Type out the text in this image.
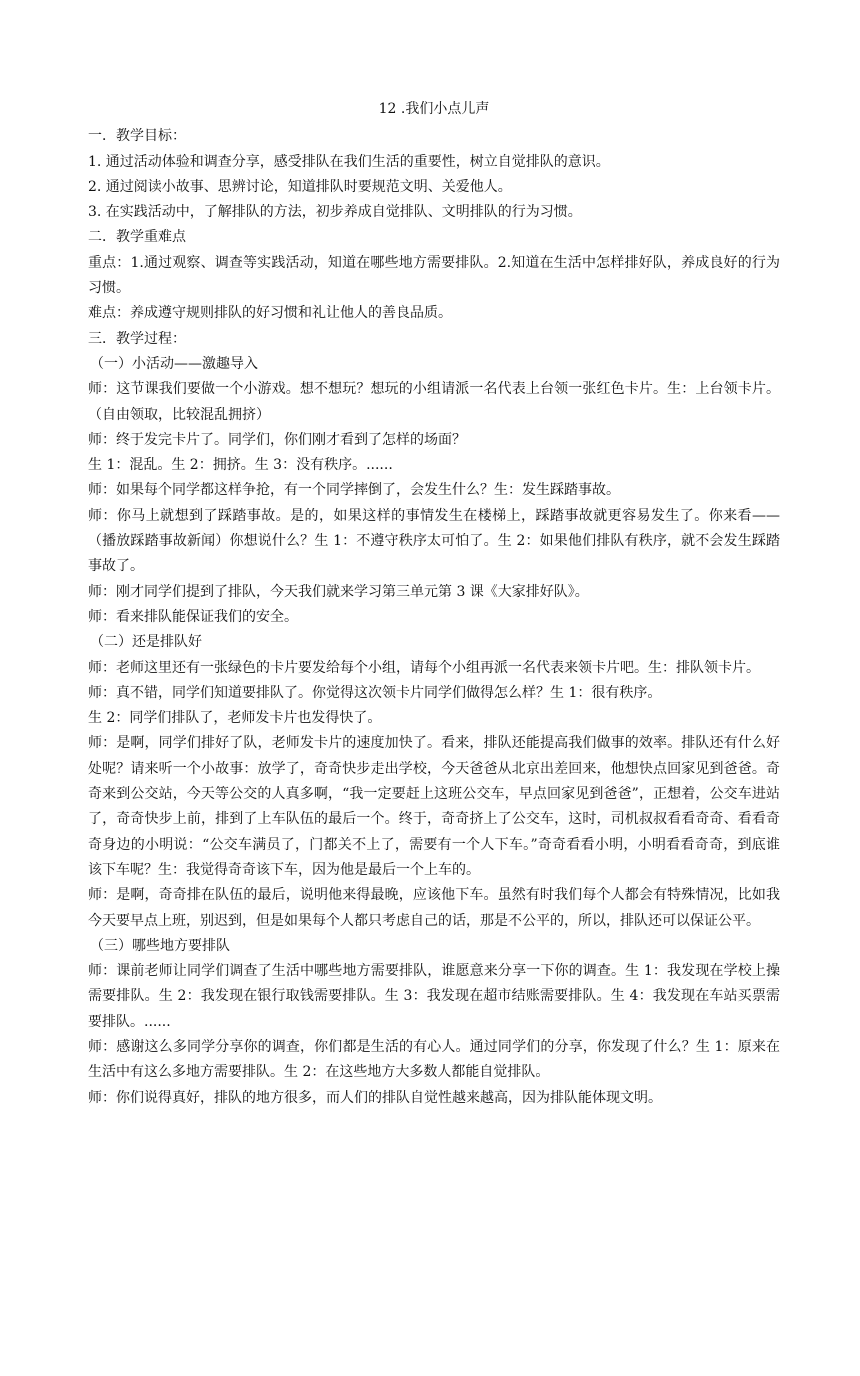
12 .我们小点儿声

一．教学目标：

1. 通过活动体验和调查分享，感受排队在我们生活的重要性，树立自觉排队的意识。

2. 通过阅读小故事、思辨讨论，知道排队时要规范文明、关爱他人。

3. 在实践活动中，了解排队的方法，初步养成自觉排队、文明排队的行为习惯。

二．教学重难点

重点：1.通过观察、调查等实践活动，知道在哪些地方需要排队。2.知道在生活中怎样排好队，养成良好的行为习惯。

难点：养成遵守规则排队的好习惯和礼让他人的善良品质。

三．教学过程：

（一）小活动——激趣导入

师：这节课我们要做一个小游戏。想不想玩？想玩的小组请派一名代表上台领一张红色卡片。生：上台领卡片。（自由领取，比较混乱拥挤）

师：终于发完卡片了。同学们，你们刚才看到了怎样的场面？

生 1：混乱。生 2：拥挤。生 3：没有秩序。......

师：如果每个同学都这样争抢，有一个同学摔倒了，会发生什么？生：发生踩踏事故。

师：你马上就想到了踩踏事故。是的，如果这样的事情发生在楼梯上，踩踏事故就更容易发生了。你来看——（播放踩踏事故新闻）你想说什么？生 1：不遵守秩序太可怕了。生 2：如果他们排队有秩序，就不会发生踩踏事故了。

师：刚才同学们提到了排队，今天我们就来学习第三单元第 3 课《大家排好队》。

师：看来排队能保证我们的安全。

（二）还是排队好

师：老师这里还有一张绿色的卡片要发给每个小组，请每个小组再派一名代表来领卡片吧。生：排队领卡片。

师：真不错，同学们知道要排队了。你觉得这次领卡片同学们做得怎么样？生 1：很有秩序。

生 2：同学们排队了，老师发卡片也发得快了。

师：是啊，同学们排好了队，老师发卡片的速度加快了。看来，排队还能提高我们做事的效率。排队还有什么好处呢？请来听一个小故事：放学了，奇奇快步走出学校，今天爸爸从北京出差回来，他想快点回家见到爸爸。奇奇来到公交站，今天等公交的人真多啊，“我一定要赶上这班公交车，早点回家见到爸爸”，正想着，公交车进站了，奇奇快步上前，排到了上车队伍的最后一个。终于，奇奇挤上了公交车，这时，司机叔叔看看奇奇、看看奇奇身边的小明说：“公交车满员了，门都关不上了，需要有一个人下车。”奇奇看看小明，小明看看奇奇，到底谁该下车呢？生：我觉得奇奇该下车，因为他是最后一个上车的。

师：是啊，奇奇排在队伍的最后，说明他来得最晚，应该他下车。虽然有时我们每个人都会有特殊情况，比如我今天要早点上班，别迟到，但是如果每个人都只考虑自己的话，那是不公平的，所以，排队还可以保证公平。

（三）哪些地方要排队

师：课前老师让同学们调查了生活中哪些地方需要排队，谁愿意来分享一下你的调查。生 1：我发现在学校上操需要排队。生 2：我发现在银行取钱需要排队。生 3：我发现在超市结账需要排队。生 4：我发现在车站买票需要排队。......

师：感谢这么多同学分享你的调查，你们都是生活的有心人。通过同学们的分享，你发现了什么？生 1：原来在生活中有这么多地方需要排队。生 2：在这些地方大多数人都能自觉排队。

师：你们说得真好，排队的地方很多，而人们的排队自觉性越来越高，因为排队能体现文明。
